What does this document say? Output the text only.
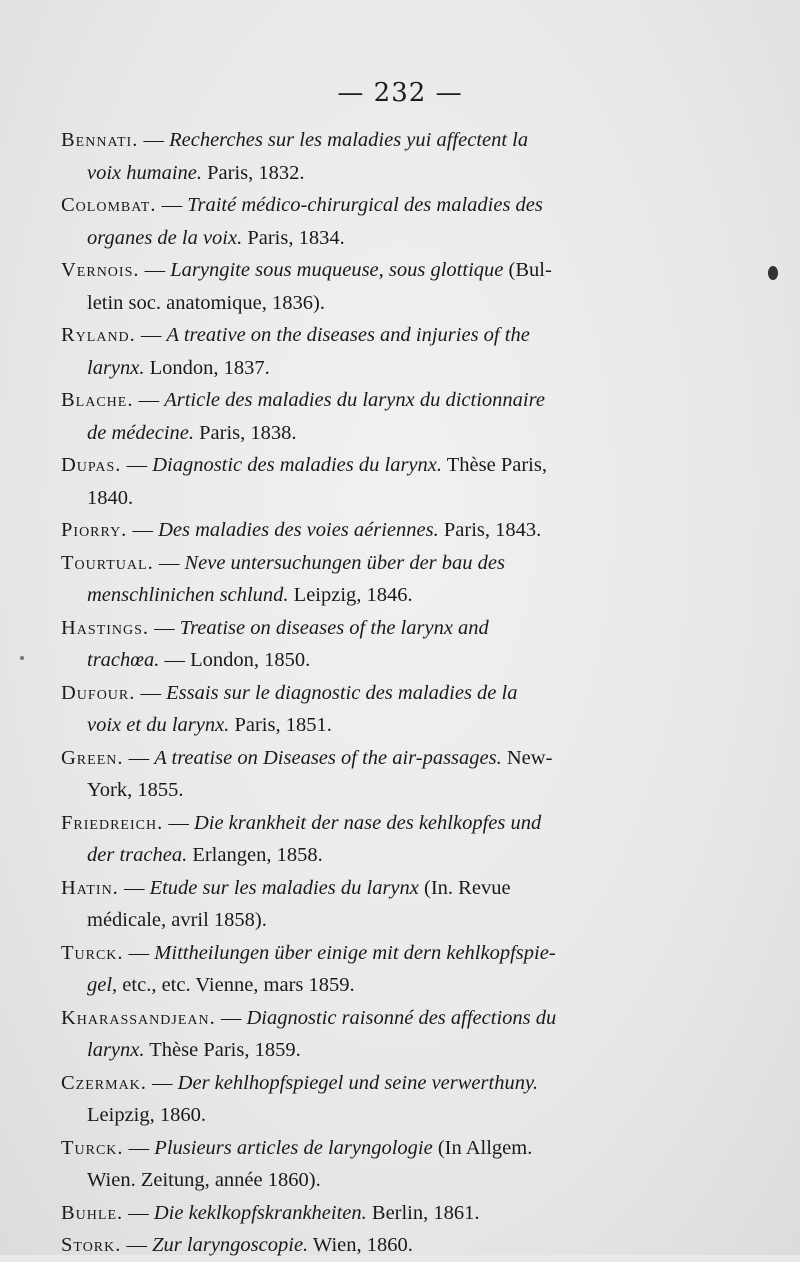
— 232 —
Bennati. — Recherches sur les maladies yui affectent la
voix humaine. Paris, 1832.
Colombat. — Traité médico-chirurgical des maladies des
organes de la voix. Paris, 1834.
Vernois. — Laryngite sous muqueuse, sous glottique (Bul-
letin soc. anatomique, 1836).
Ryland. — A treative on the diseases and injuries of the
larynx. London, 1837.
Blache. — Article des maladies du larynx du dictionnaire
de médecine. Paris, 1838.
Dupas. — Diagnostic des maladies du larynx. Thèse Paris,
1840.
Piorry. — Des maladies des voies aériennes. Paris, 1843.
Tourtual. — Neve untersuchungen über der bau des
menschlinichen schlund. Leipzig, 1846.
Hastings. — Treatise on diseases of the larynx and
trachœa. — London, 1850.
Dufour. — Essais sur le diagnostic des maladies de la
voix et du larynx. Paris, 1851.
Green. — A treatise on Diseases of the air-passages. New-
York, 1855.
Friedreich. — Die krankheit der nase des kehlkopfes und
der trachea. Erlangen, 1858.
Hatin. — Etude sur les maladies du larynx (In. Revue
médicale, avril 1858).
Turck. — Mittheilungen über einige mit dern kehlkopfspie-
gel, etc., etc. Vienne, mars 1859.
Kharassandjean. — Diagnostic raisonné des affections du
larynx. Thèse Paris, 1859.
Czermak. — Der kehlhopfspiegel und seine verwerthuny.
Leipzig, 1860.
Turck. — Plusieurs articles de laryngologie (In Allgem.
Wien. Zeitung, année 1860).
Buhle. — Die keklkopfskrankheiten. Berlin, 1861.
Stork. — Zur laryngoscopie. Wien, 1860.
